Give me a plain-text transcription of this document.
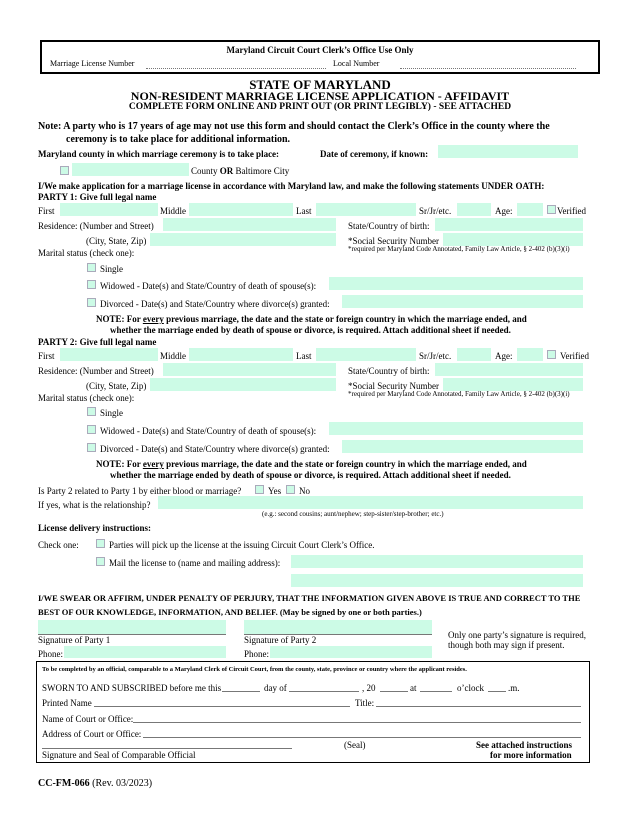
Maryland Circuit Court Clerk’s Office Use Only
Marriage License Number	Local Number
STATE OF MARYLAND
NON-RESIDENT MARRIAGE LICENSE APPLICATION - AFFIDAVIT
COMPLETE FORM ONLINE AND PRINT OUT (OR PRINT LEGIBLY) - SEE ATTACHED
Note: A party who is 17 years of age may not use this form and should contact the Clerk’s Office in the county where the
ceremony is to take place for additional information.
Maryland county in which marriage ceremony is to take place:	Date of ceremony, if known:
County OR Baltimore City
I/We make application for a marriage license in accordance with Maryland law, and make the following statements UNDER OATH:
PARTY 1: Give full legal name
First	Middle	Last	Sr/Jr/etc.	Age:	Verified
Residence: (Number and Street)	State/Country of birth:
(City, State, Zip)	*Social Security Number
Marital status (check one):	*required per Maryland Code Annotated, Family Law Article, § 2-402 (b)(3)(i)
Single
Widowed - Date(s) and State/Country of death of spouse(s):
Divorced - Date(s) and State/Country where divorce(s) granted:
NOTE: For every previous marriage, the date and the state or foreign country in which the marriage ended, and
whether the marriage ended by death of spouse or divorce, is required. Attach additional sheet if needed.
PARTY 2: Give full legal name
First	Middle	Last	Sr/Jr/etc.	Age:	Verified
Residence: (Number and Street)	State/Country of birth:
(City, State, Zip)	*Social Security Number
Marital status (check one):	*required per Maryland Code Annotated, Family Law Article, § 2-402 (b)(3)(i)
Single
Widowed - Date(s) and State/Country of death of spouse(s):
Divorced - Date(s) and State/Country where divorce(s) granted:
NOTE: For every previous marriage, the date and the state or foreign country in which the marriage ended, and
whether the marriage ended by death of spouse or divorce, is required. Attach additional sheet if needed.
Is Party 2 related to Party 1 by either blood or marriage?	Yes No
If yes, what is the relationship?
(e.g.: second cousins; aunt/nephew; step-sister/step-brother; etc.)
License delivery instructions:
Check one:	Parties will pick up the license at the issuing Circuit Court Clerk’s Office.
Mail the license to (name and mailing address):
I/WE SWEAR OR AFFIRM, UNDER PENALTY OF PERJURY, THAT THE INFORMATION GIVEN ABOVE IS TRUE AND CORRECT TO THE
BEST OF OUR KNOWLEDGE, INFORMATION, AND BELIEF. (May be signed by one or both parties.)
Signature of Party 1	Signature of Party 2	Only one party’s signature is required,
though both may sign if present.
Phone:	Phone:
To be completed by an official, comparable to a Maryland Clerk of Circuit Court, from the county, state, province or country where the applicant resides.
SWORN TO AND SUBSCRIBED before me this	day of	, 20	at	o’clock	.m.
Printed Name	Title:
Name of Court or Office:
Address of Court or Office:
Signature and Seal of Comparable Official
(Seal)	See attached instructions
for more information
CC-FM-066 (Rev. 03/2023)
